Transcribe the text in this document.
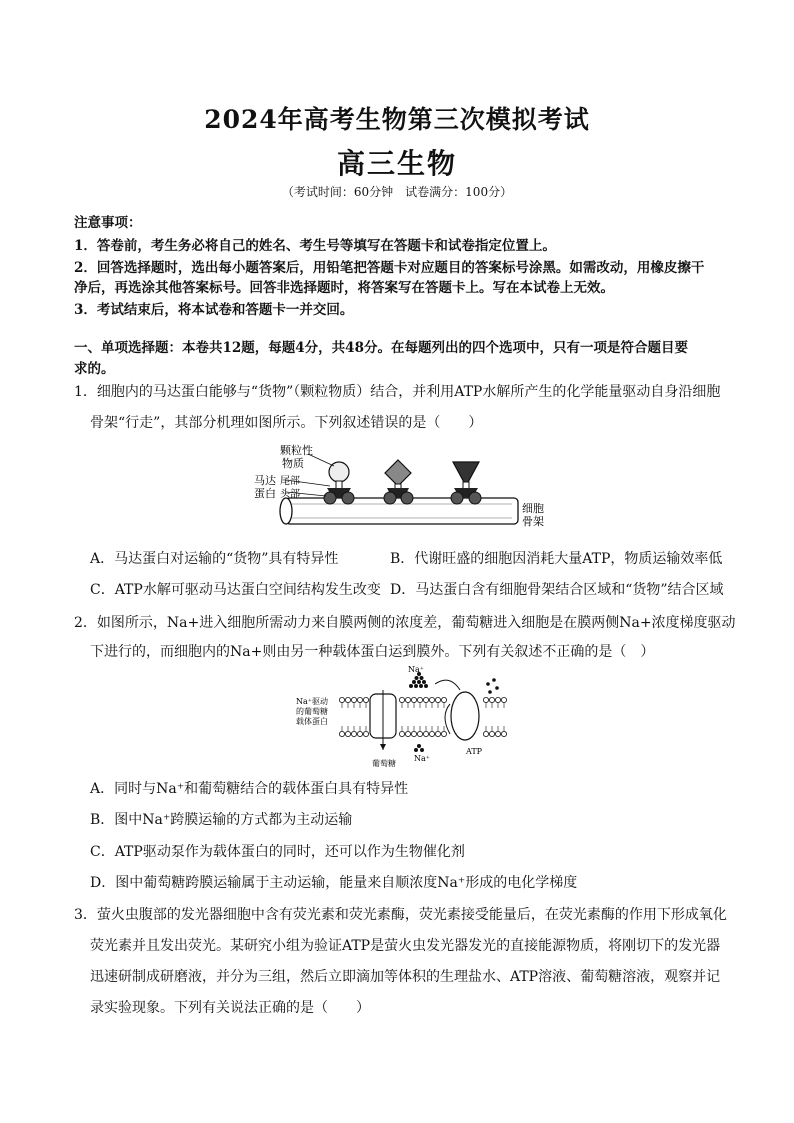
2024年高考生物第三次模拟考试
高三生物
（考试时间：60分钟　试卷满分：100分）
注意事项：
1．答卷前，考生务必将自己的姓名、考生号等填写在答题卡和试卷指定位置上。
2．回答选择题时，选出每小题答案后，用铅笔把答题卡对应题目的答案标号涂黑。如需改动，用橡皮擦干
净后，再选涂其他答案标号。回答非选择题时，将答案写在答题卡上。写在本试卷上无效。
3．考试结束后，将本试卷和答题卡一并交回。
一、单项选择题：本卷共12题，每题4分，共48分。在每题列出的四个选项中，只有一项是符合题目要
求的。
1．细胞内的马达蛋白能够与“货物”（颗粒物质）结合，并利用ATP水解所产生的化学能量驱动自身沿细胞
骨架“行走”，其部分机理如图所示。下列叙述错误的是（　　）
颗粒性
物质
马达
蛋白
尾部
头部
细胞
骨架
A．马达蛋白对运输的“货物”具有特异性	B．代谢旺盛的细胞因消耗大量ATP，物质运输效率低
C．ATP水解可驱动马达蛋白空间结构发生改变 D．马达蛋白含有细胞骨架结合区域和“货物”结合区域
2．如图所示，Na+进入细胞所需动力来自膜两侧的浓度差，葡萄糖进入细胞是在膜两侧Na+浓度梯度驱动
下进行的，而细胞内的Na+则由另一种载体蛋白运到膜外。下列有关叙述不正确的是（　）
Na⁺
Na⁺
Na⁺驱动
的葡萄糖
载体蛋白
葡萄糖
ATP
A．同时与Na⁺和葡萄糖结合的载体蛋白具有特异性
B．图中Na⁺跨膜运输的方式都为主动运输
C．ATP驱动泵作为载体蛋白的同时，还可以作为生物催化剂
D．图中葡萄糖跨膜运输属于主动运输，能量来自顺浓度Na⁺形成的电化学梯度
3．萤火虫腹部的发光器细胞中含有荧光素和荧光素酶，荧光素接受能量后，在荧光素酶的作用下形成氧化
荧光素并且发出荧光。某研究小组为验证ATP是萤火虫发光器发光的直接能源物质，将刚切下的发光器
迅速研制成研磨液，并分为三组，然后立即滴加等体积的生理盐水、ATP溶液、葡萄糖溶液，观察并记
录实验现象。下列有关说法正确的是（　　）
